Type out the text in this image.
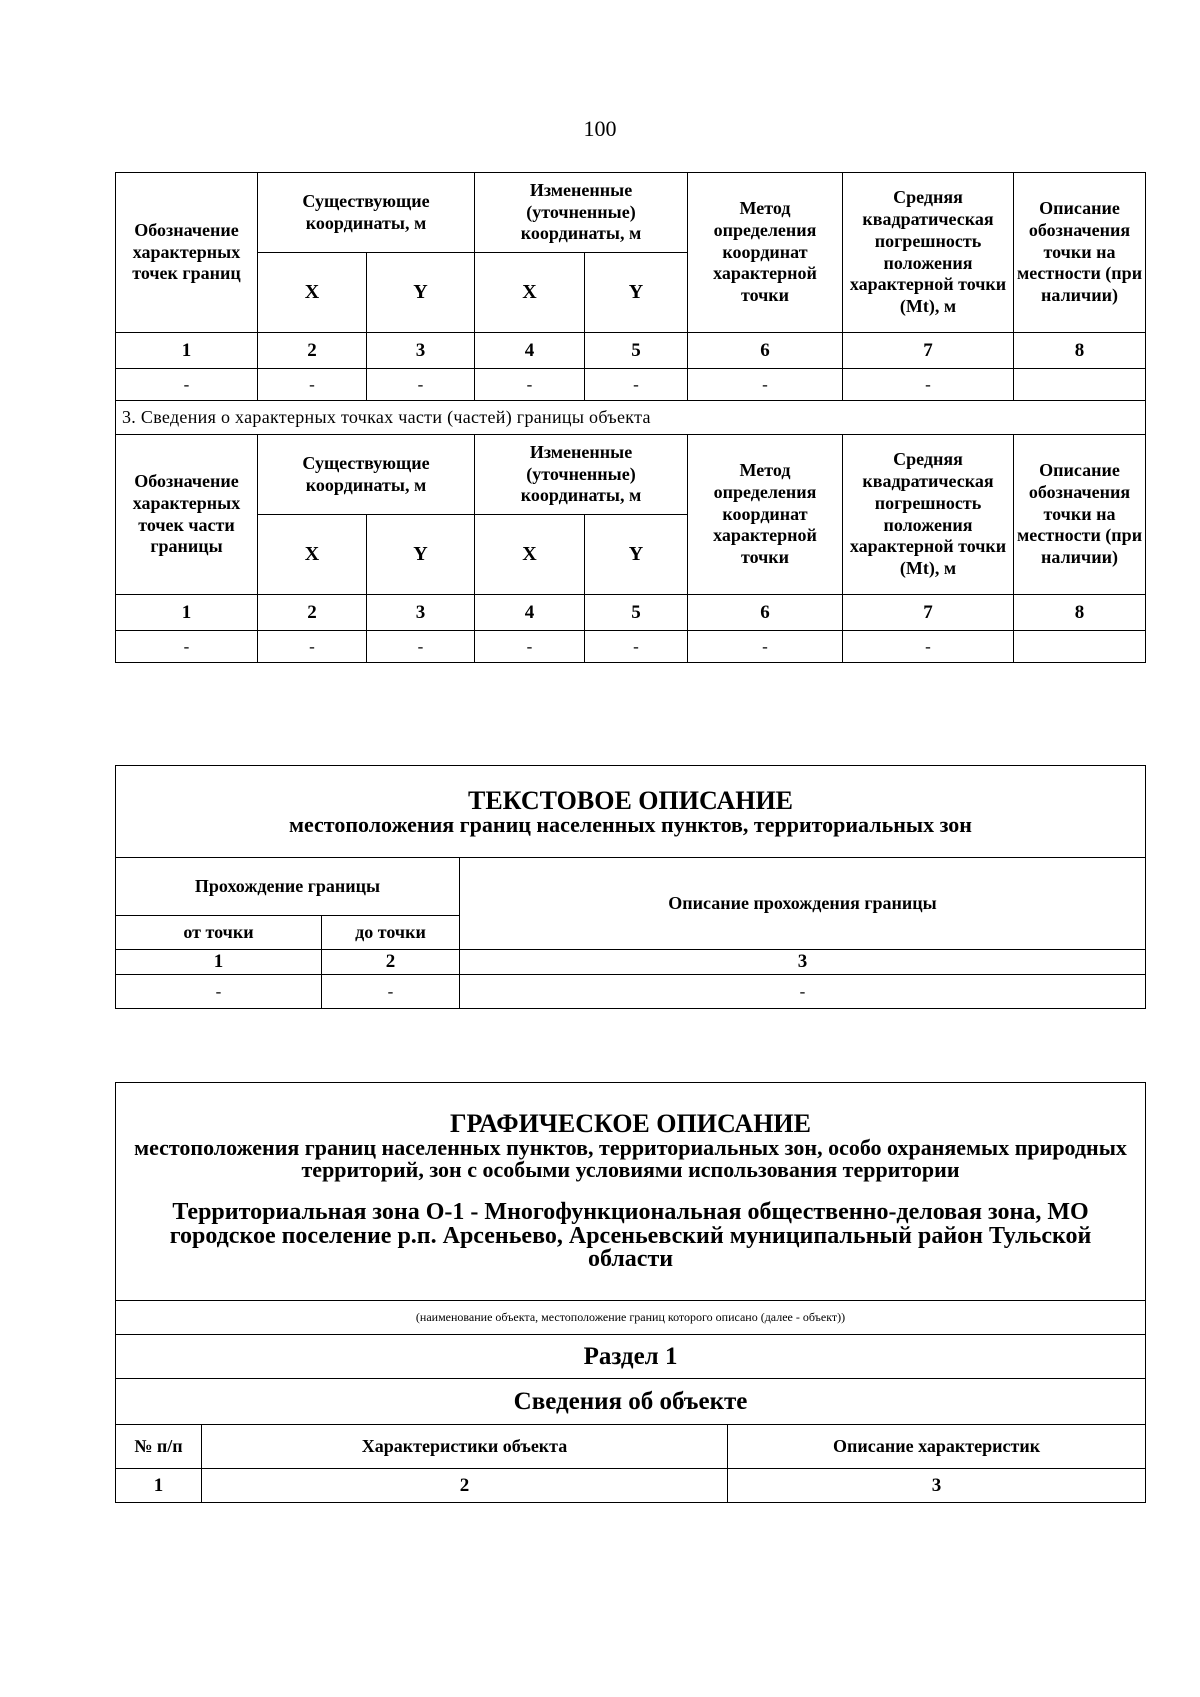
100
Обозначение характерных точек границ	Существующие координаты, м		Измененные (уточненные) координаты, м		Метод определения координат характерной точки	Средняя квадратическая погрешность положения характерной точки (Mt), м	Описание обозначения точки на местности (при наличии)
	X	Y	X	Y			
1	2	3	4	5	6	7	8
-	-	-	-	-	-	-	
3. Сведения о характерных точках части (частей) границы объекта							
Обозначение характерных точек части границы	Существующие координаты, м		Измененные (уточненные) координаты, м		Метод определения координат характерной точки	Средняя квадратическая погрешность положения характерной точки (Mt), м	Описание обозначения точки на местности (при наличии)
	X	Y	X	Y			
1	2	3	4	5	6	7	8
-	-	-	-	-	-	-	
ТЕКСТОВОЕ ОПИСАНИЕ
местоположения границ населенных пунктов, территориальных зон		

Прохождение границы		Описание прохождения границы
от точки	до точки	
1	2	3
-	-	-
ГРАФИЧЕСКОЕ ОПИСАНИЕ
местоположения границ населенных пунктов, территориальных зон, особо охраняемых природных территорий, зон с особыми условиями использования территории
Территориальная зона О-1 - Многофункциональная общественно-деловая зона, МО городское поселение р.п. Арсеньево, Арсеньевский муниципальный район Тульской области		

(наименование объекта, местоположение границ которого описано (далее - объект))		
Раздел 1		
Сведения об объекте		
№ п/п	Характеристики объекта	Описание характеристик
1	2	3
